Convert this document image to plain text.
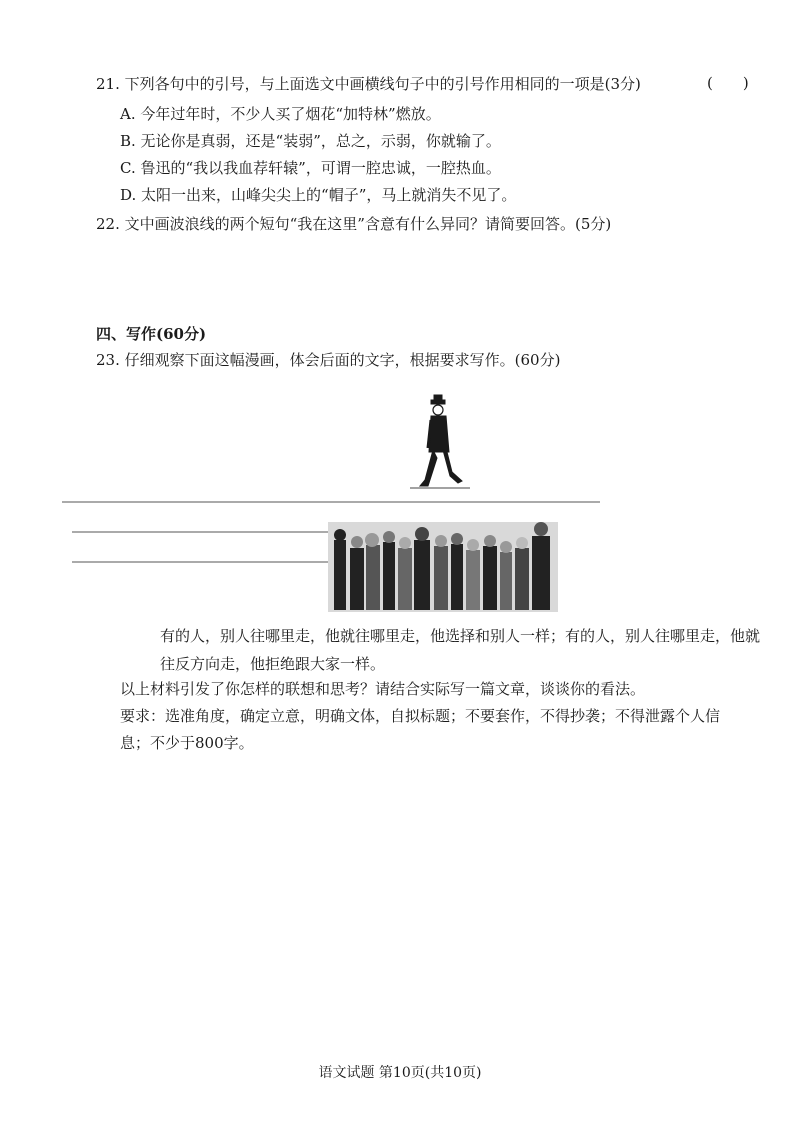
21. 下列各句中的引号，与上面选文中画横线句子中的引号作用相同的一项是(3分)	(　　)
A. 今年过年时，不少人买了烟花“加特林”燃放。
B. 无论你是真弱，还是“装弱”，总之，示弱，你就输了。
C. 鲁迅的“我以我血荐轩辕”，可谓一腔忠诚，一腔热血。
D. 太阳一出来，山峰尖尖上的“帽子”，马上就消失不见了。
22. 文中画波浪线的两个短句“我在这里”含意有什么异同？请简要回答。(5分)
四、写作(60分)
23. 仔细观察下面这幅漫画，体会后面的文字，根据要求写作。(60分)
有的人，别人往哪里走，他就往哪里走，他选择和别人一样；有的人，别人往哪里走，他就往反方向走，他拒绝跟大家一样。
以上材料引发了你怎样的联想和思考？请结合实际写一篇文章，谈谈你的看法。
要求：选准角度，确定立意，明确文体，自拟标题；不要套作，不得抄袭；不得泄露个人信
息；不少于800字。
语文试题 第10页(共10页)
